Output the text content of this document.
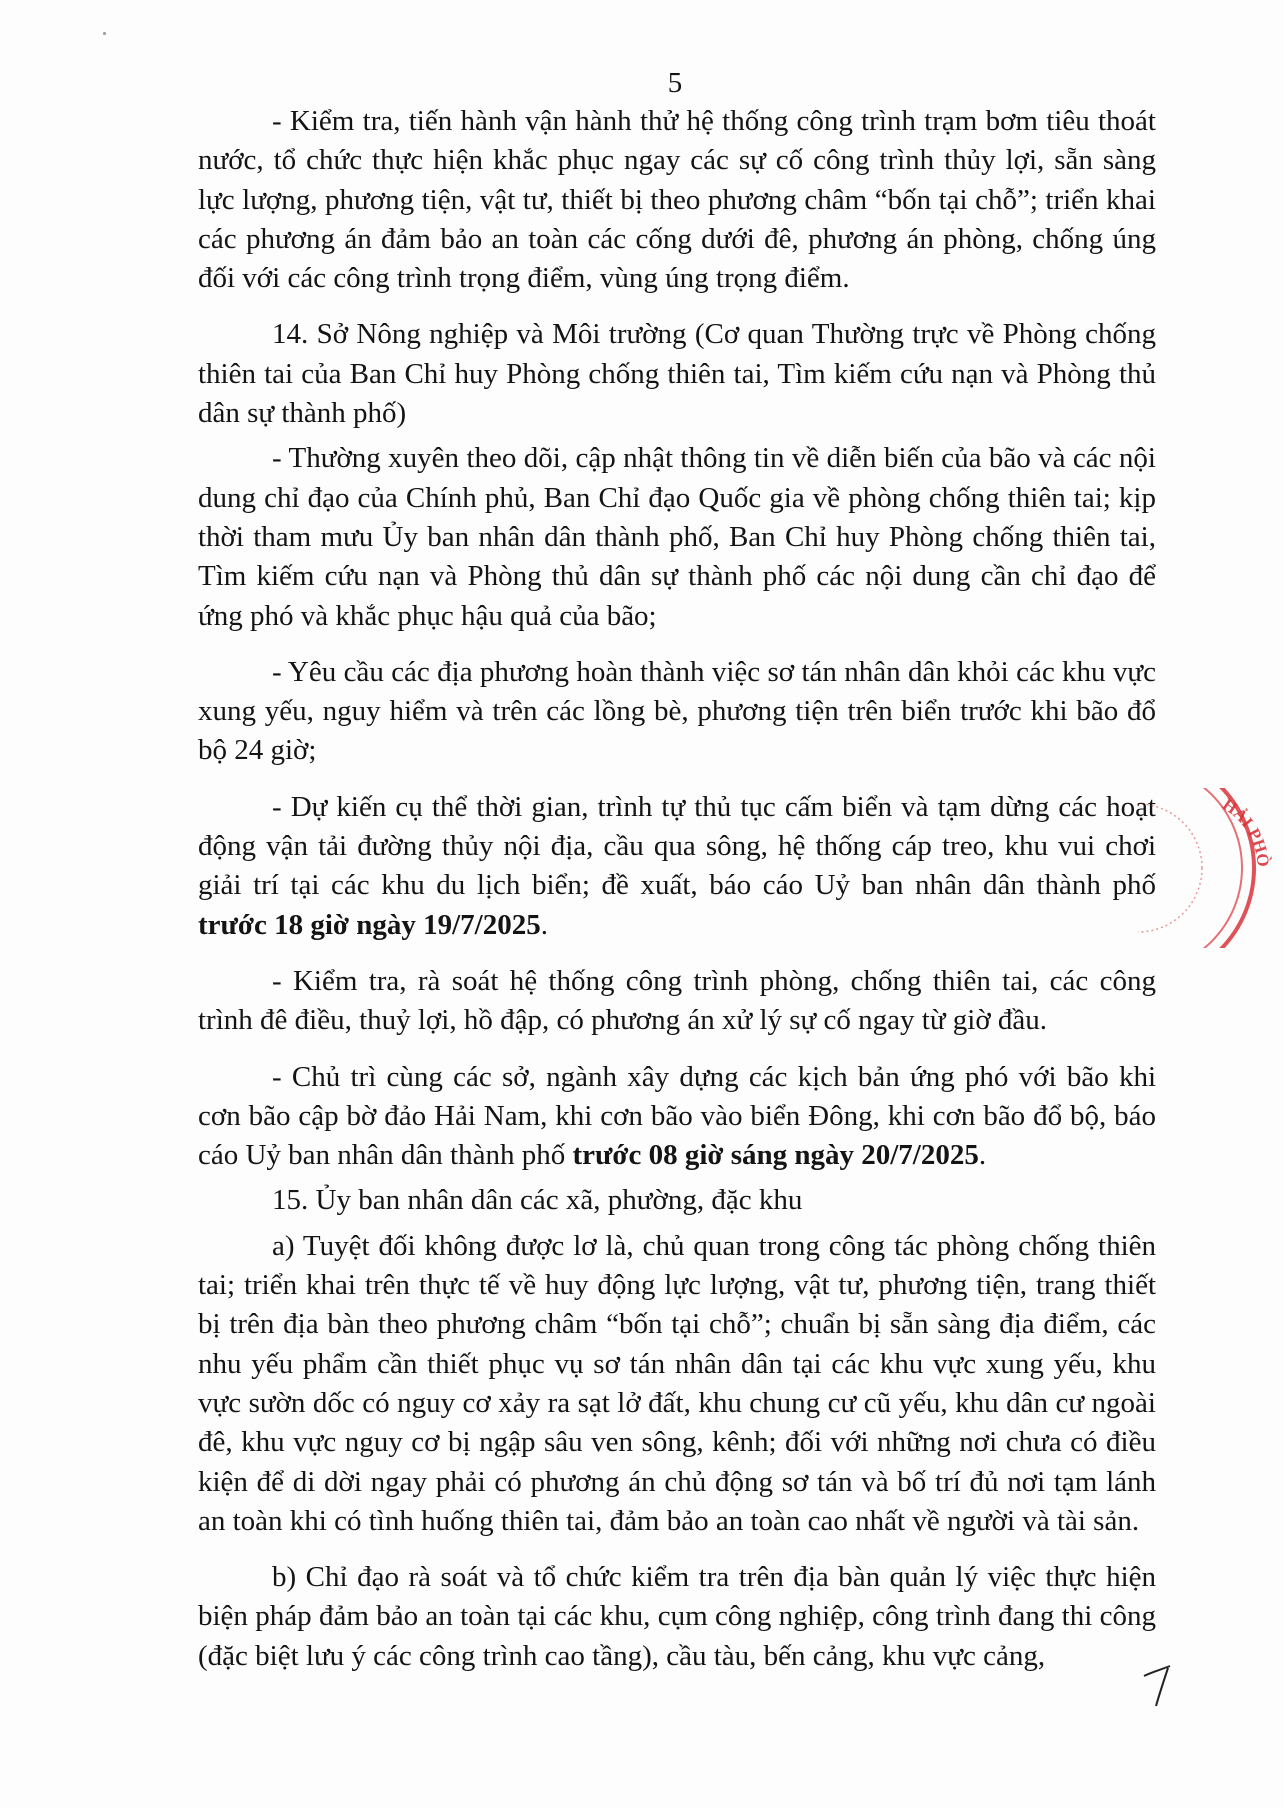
5

- Kiểm tra, tiến hành vận hành thử hệ thống công trình trạm bơm tiêu thoát nước, tổ chức thực hiện khắc phục ngay các sự cố công trình thủy lợi, sẵn sàng lực lượng, phương tiện, vật tư, thiết bị theo phương châm “bốn tại chỗ”; triển khai các phương án đảm bảo an toàn các cống dưới đê, phương án phòng, chống úng đối với các công trình trọng điểm, vùng úng trọng điểm.

14. Sở Nông nghiệp và Môi trường (Cơ quan Thường trực về Phòng chống thiên tai của Ban Chỉ huy Phòng chống thiên tai, Tìm kiếm cứu nạn và Phòng thủ dân sự thành phố)

- Thường xuyên theo dõi, cập nhật thông tin về diễn biến của bão và các nội dung chỉ đạo của Chính phủ, Ban Chỉ đạo Quốc gia về phòng chống thiên tai; kịp thời tham mưu Ủy ban nhân dân thành phố, Ban Chỉ huy Phòng chống thiên tai, Tìm kiếm cứu nạn và Phòng thủ dân sự thành phố các nội dung cần chỉ đạo để ứng phó và khắc phục hậu quả của bão;

- Yêu cầu các địa phương hoàn thành việc sơ tán nhân dân khỏi các khu vực xung yếu, nguy hiểm và trên các lồng bè, phương tiện trên biển trước khi bão đổ bộ 24 giờ;

- Dự kiến cụ thể thời gian, trình tự thủ tục cấm biển và tạm dừng các hoạt động vận tải đường thủy nội địa, cầu qua sông, hệ thống cáp treo, khu vui chơi giải trí tại các khu du lịch biển; đề xuất, báo cáo Uỷ ban nhân dân thành phố trước 18 giờ ngày 19/7/2025.

- Kiểm tra, rà soát hệ thống công trình phòng, chống thiên tai, các công trình đê điều, thuỷ lợi, hồ đập, có phương án xử lý sự cố ngay từ giờ đầu.

- Chủ trì cùng các sở, ngành xây dựng các kịch bản ứng phó với bão khi cơn bão cập bờ đảo Hải Nam, khi cơn bão vào biển Đông, khi cơn bão đổ bộ, báo cáo Uỷ ban nhân dân thành phố trước 08 giờ sáng ngày 20/7/2025.

15. Ủy ban nhân dân các xã, phường, đặc khu

a) Tuyệt đối không được lơ là, chủ quan trong công tác phòng chống thiên tai; triển khai trên thực tế về huy động lực lượng, vật tư, phương tiện, trang thiết bị trên địa bàn theo phương châm “bốn tại chỗ”; chuẩn bị sẵn sàng địa điểm, các nhu yếu phẩm cần thiết phục vụ sơ tán nhân dân tại các khu vực xung yếu, khu vực sườn dốc có nguy cơ xảy ra sạt lở đất, khu chung cư cũ yếu, khu dân cư ngoài đê, khu vực nguy cơ bị ngập sâu ven sông, kênh; đối với những nơi chưa có điều kiện để di dời ngay phải có phương án chủ động sơ tán và bố trí đủ nơi tạm lánh an toàn khi có tình huống thiên tai, đảm bảo an toàn cao nhất về người và tài sản.

b) Chỉ đạo rà soát và tổ chức kiểm tra trên địa bàn quản lý việc thực hiện biện pháp đảm bảo an toàn tại các khu, cụm công nghiệp, công trình đang thi công (đặc biệt lưu ý các công trình cao tầng), cầu tàu, bến cảng, khu vực cảng,

HẢI PHÒ
